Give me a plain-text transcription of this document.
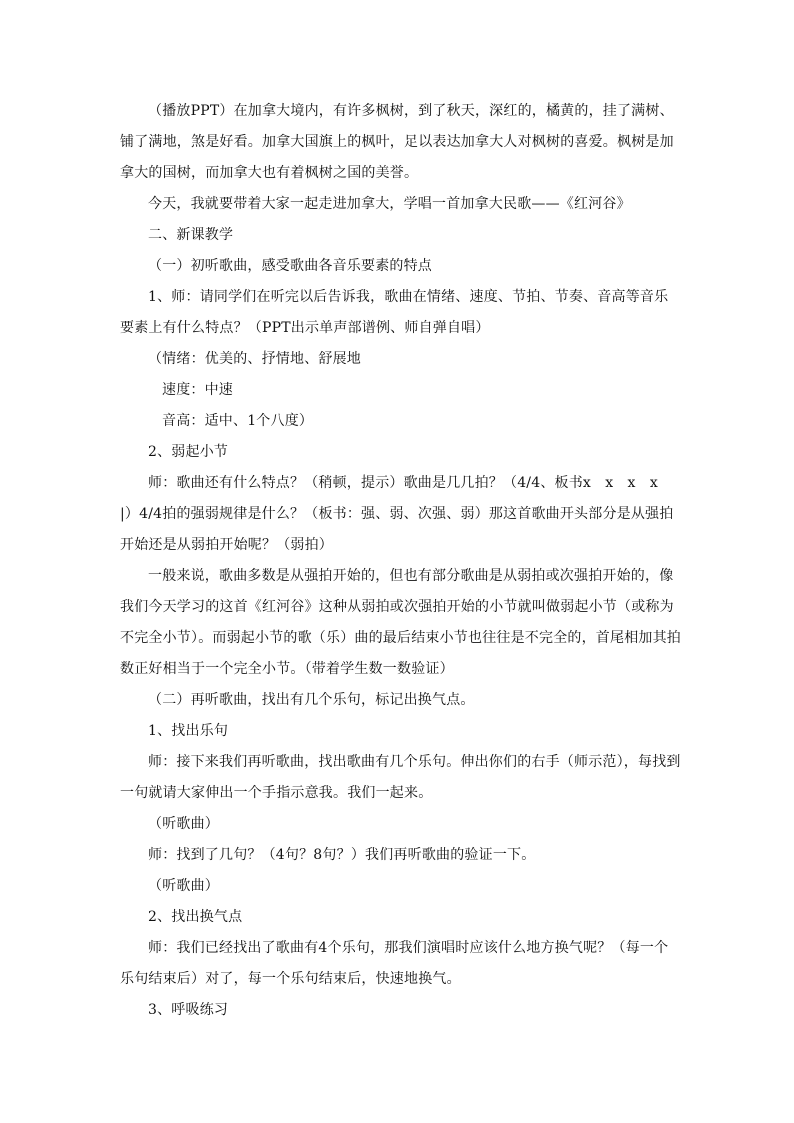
（播放PPT）在加拿大境内，有许多枫树，到了秋天，深红的，橘黄的，挂了满树、铺了满地，煞是好看。加拿大国旗上的枫叶，足以表达加拿大人对枫树的喜爱。枫树是加拿大的国树，而加拿大也有着枫树之国的美誉。

今天，我就要带着大家一起走进加拿大，学唱一首加拿大民歌——《红河谷》

二、新课教学

（一）初听歌曲，感受歌曲各音乐要素的特点

1、师：请同学们在听完以后告诉我，歌曲在情绪、速度、节拍、节奏、音高等音乐要素上有什么特点？（PPT出示单声部谱例、师自弹自唱）

（情绪：优美的、抒情地、舒展地

速度：中速

音高：适中、1个八度）

2、弱起小节

师：歌曲还有什么特点？（稍顿，提示）歌曲是几几拍？（4/4、板书x　x　x　x　|）4/4拍的强弱规律是什么？（板书：强、弱、次强、弱）那这首歌曲开头部分是从强拍开始还是从弱拍开始呢？（弱拍）

一般来说，歌曲多数是从强拍开始的，但也有部分歌曲是从弱拍或次强拍开始的，像我们今天学习的这首《红河谷》这种从弱拍或次强拍开始的小节就叫做弱起小节（或称为不完全小节）。而弱起小节的歌（乐）曲的最后结束小节也往往是不完全的，首尾相加其拍数正好相当于一个完全小节。（带着学生数一数验证）

（二）再听歌曲，找出有几个乐句，标记出换气点。

1、找出乐句

师：接下来我们再听歌曲，找出歌曲有几个乐句。伸出你们的右手（师示范），每找到一句就请大家伸出一个手指示意我。我们一起来。

（听歌曲）

师：找到了几句？（4句？8句？）我们再听歌曲的验证一下。

（听歌曲）

2、找出换气点

师：我们已经找出了歌曲有4个乐句，那我们演唱时应该什么地方换气呢？（每一个乐句结束后）对了，每一个乐句结束后，快速地换气。

3、呼吸练习
